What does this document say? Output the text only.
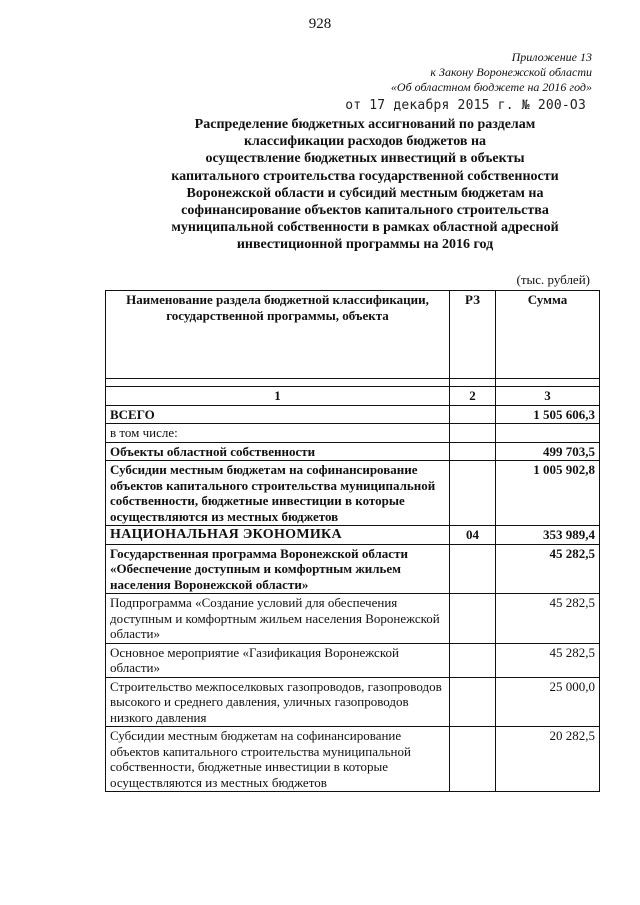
928
Приложение 13
к Закону Воронежской области
«Об областном бюджете на 2016 год»
от 17 декабря 2015 г. № 200-ОЗ
Распределение бюджетных ассигнований по разделам
классификации расходов бюджетов на
осуществление бюджетных инвестиций в объекты
капитального строительства государственной собственности
Воронежской области и субсидий местным бюджетам на
софинансирование объектов капитального строительства
муниципальной собственности в рамках областной адресной
инвестиционной программы на 2016 год
(тыс. рублей)
Наименование раздела бюджетной классификации, государственной программы, объекта	РЗ	Сумма

1	2	3
ВСЕГО		1 505 606,3
в том числе:		
Объекты областной собственности		499 703,5
Субсидии местным бюджетам на софинансирование объектов капитального строительства муниципальной собственности, бюджетные инвестиции в которые осуществляются из местных бюджетов		1 005 902,8
НАЦИОНАЛЬНАЯ ЭКОНОМИКА	04	353 989,4
Государственная программа Воронежской области «Обеспечение доступным и комфортным жильем населения Воронежской области»		45 282,5
Подпрограмма «Создание условий для обеспечения доступным и комфортным жильем населения Воронежской области»		45 282,5
Основное мероприятие «Газификация Воронежской области»		45 282,5
Строительство межпоселковых газопроводов, газопроводов высокого и среднего давления, уличных газопроводов низкого давления		25 000,0
Субсидии местным бюджетам на софинансирование объектов капитального строительства муниципальной собственности, бюджетные инвестиции в которые осуществляются из местных бюджетов		20 282,5
